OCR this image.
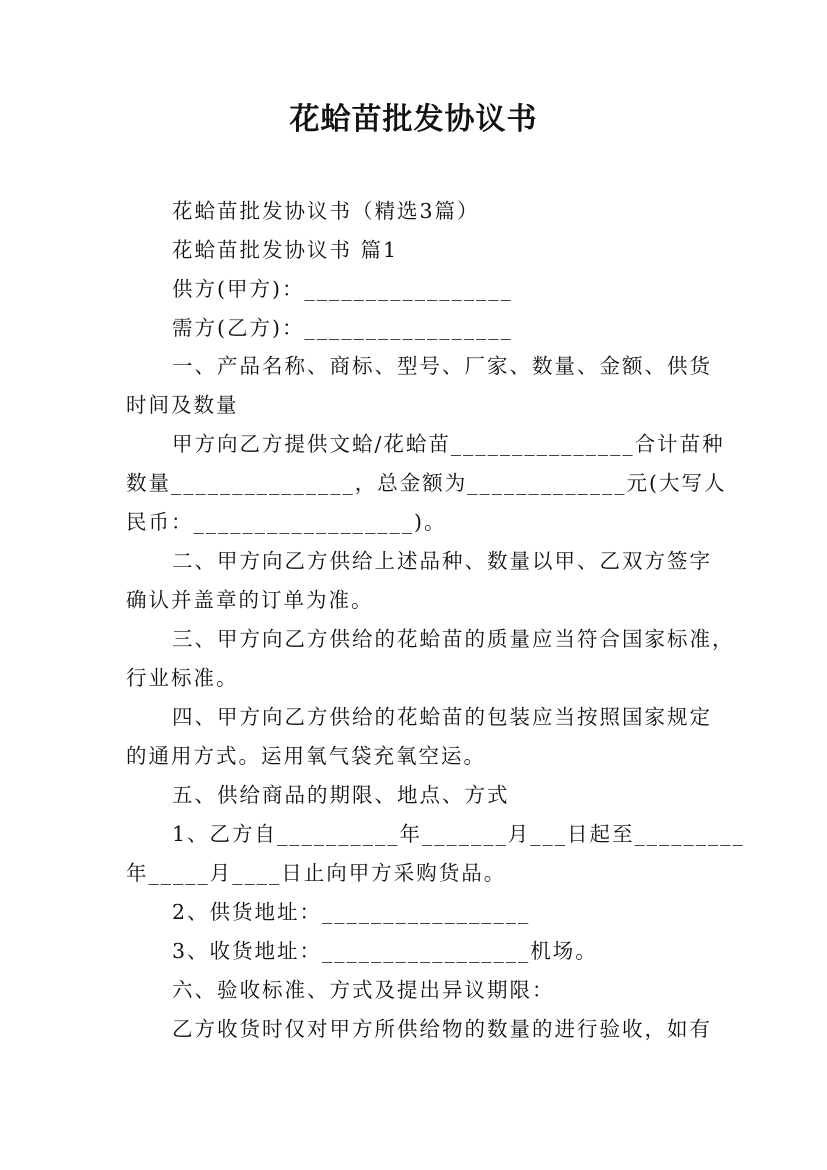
花蛤苗批发协议书
花蛤苗批发协议书（精选3篇）
花蛤苗批发协议书 篇1
供方(甲方)：_________________
需方(乙方)：_________________
一、产品名称、商标、型号、厂家、数量、金额、供货
时间及数量
甲方向乙方提供文蛤/花蛤苗_______________合计苗种
数量_______________，总金额为_____________元(大写人
民币：__________________)。
二、甲方向乙方供给上述品种、数量以甲、乙双方签字
确认并盖章的订单为准。
三、甲方向乙方供给的花蛤苗的质量应当符合国家标准，
行业标准。
四、甲方向乙方供给的花蛤苗的包装应当按照国家规定
的通用方式。运用氧气袋充氧空运。
五、供给商品的期限、地点、方式
1、乙方自__________年_______月___日起至_________
年_____月____日止向甲方采购货品。
2、供货地址：_________________
3、收货地址：_________________机场。
六、验收标准、方式及提出异议期限：
乙方收货时仅对甲方所供给物的数量的进行验收，如有
